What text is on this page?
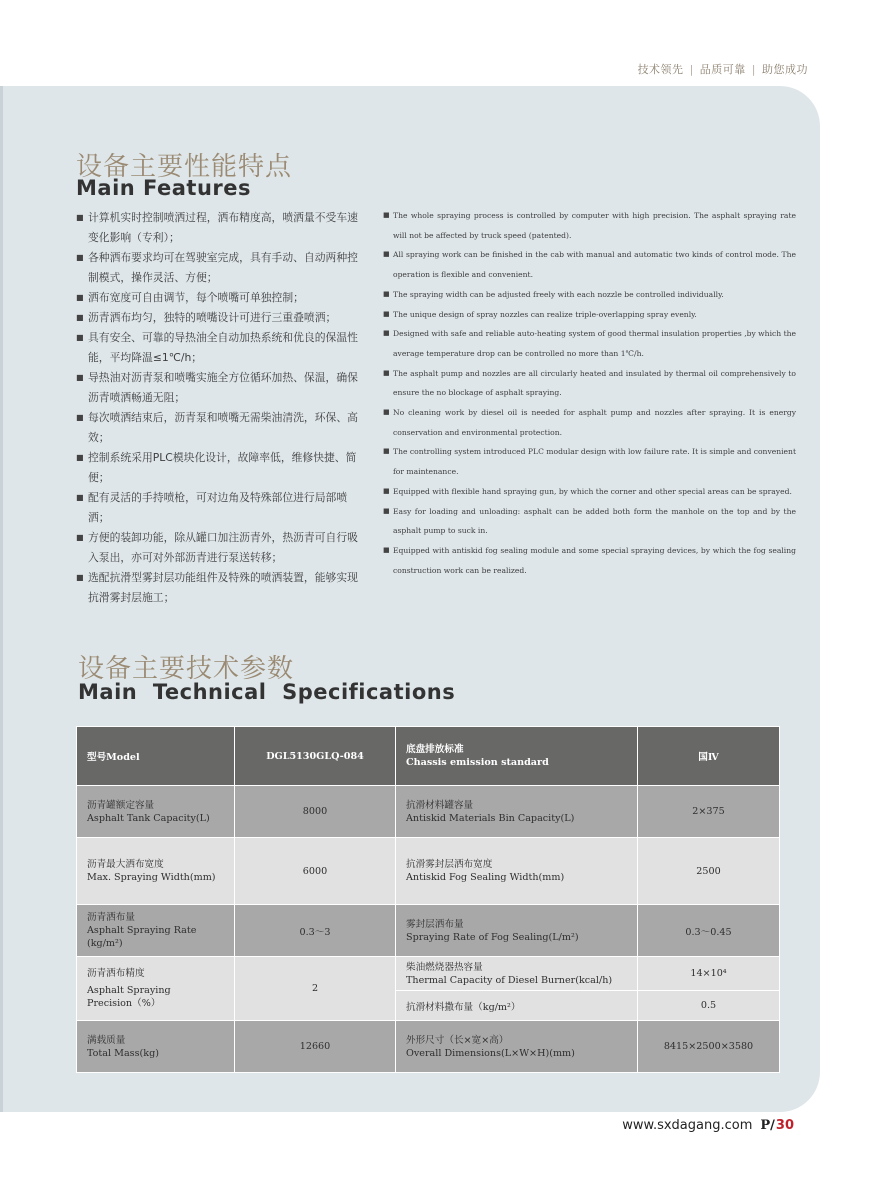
技术领先 | 品质可靠 | 助您成功
设备主要性能特点
Main Features
■ 计算机实时控制喷洒过程，洒布精度高，喷洒量不受车速变化影响（专利）；
■ 各种洒布要求均可在驾驶室完成，具有手动、自动两种控制模式，操作灵活、方便；
■ 洒布宽度可自由调节，每个喷嘴可单独控制；
■ 沥青洒布均匀，独特的喷嘴设计可进行三重叠喷洒；
■ 具有安全、可靠的导热油全自动加热系统和优良的保温性能，平均降温≤1℃/h；
■ 导热油对沥青泵和喷嘴实施全方位循环加热、保温，确保沥青喷洒畅通无阻；
■ 每次喷洒结束后，沥青泵和喷嘴无需柴油清洗，环保、高效；
■ 控制系统采用PLC模块化设计，故障率低，维修快捷、简便；
■ 配有灵活的手持喷枪，可对边角及特殊部位进行局部喷洒；
■ 方便的装卸功能，除从罐口加注沥青外，热沥青可自行吸入泵出，亦可对外部沥青进行泵送转移；
■ 选配抗滑型雾封层功能组件及特殊的喷洒装置，能够实现抗滑雾封层施工；
■ The whole spraying process is controlled by computer with high precision. The asphalt spraying rate will not be affected by truck speed (patented).
■ All spraying work can be finished in the cab with manual and automatic two kinds of control mode. The operation is flexible and convenient.
■ The spraying width can be adjusted freely with each nozzle be controlled individually.
■ The unique design of spray nozzles can realize triple-overlapping spray evenly.
■ Designed with safe and reliable auto-heating system of good thermal insulation properties ,by which the average temperature drop can be controlled no more than 1℃/h.
■ The asphalt pump and nozzles are all circularly heated and insulated by thermal oil comprehensively to ensure the no blockage of asphalt spraying.
■ No cleaning work by diesel oil is needed for asphalt pump and nozzles after spraying. It is energy conservation and environmental protection.
■ The controlling system introduced PLC modular design with low failure rate. It is simple and convenient for maintenance.
■ Equipped with flexible hand spraying gun, by which the corner and other special areas can be sprayed.
■ Easy for loading and unloading: asphalt can be added both form the manhole on the top and by the asphalt pump to suck in.
■ Equipped with antiskid fog sealing module and some special spraying devices, by which the fog sealing construction work can be realized.
设备主要技术参数
Main  Technical  Specifications
型号Model	DGL5130GLQ-084	底盘排放标准
Chassis emission standard	国Ⅳ

沥青罐额定容量
Asphalt Tank Capacity(L)	8000	抗滑材料罐容量
Antiskid Materials Bin Capacity(L)	2×375

沥青最大洒布宽度
Max. Spraying Width(mm)	6000	抗滑雾封层洒布宽度
Antiskid Fog Sealing Width(mm)	2500

沥青洒布量
Asphalt Spraying Rate
(kg/m²)	0.3～3	雾封层洒布量
Spraying Rate of Fog Sealing(L/m²)	0.3～0.45

沥青洒布精度
Asphalt Spraying
Precision（%）	2	柴油燃烧器热容量
Thermal Capacity of Diesel Burner(kcal/h)	14×10⁴
		抗滑材料撒布量（kg/m²）	0.5

满载质量
Total Mass(kg)	12660	外形尺寸（长×宽×高）
Overall Dimensions(L×W×H)(mm)	8415×2500×3580
www.sxdagang.com P/30
